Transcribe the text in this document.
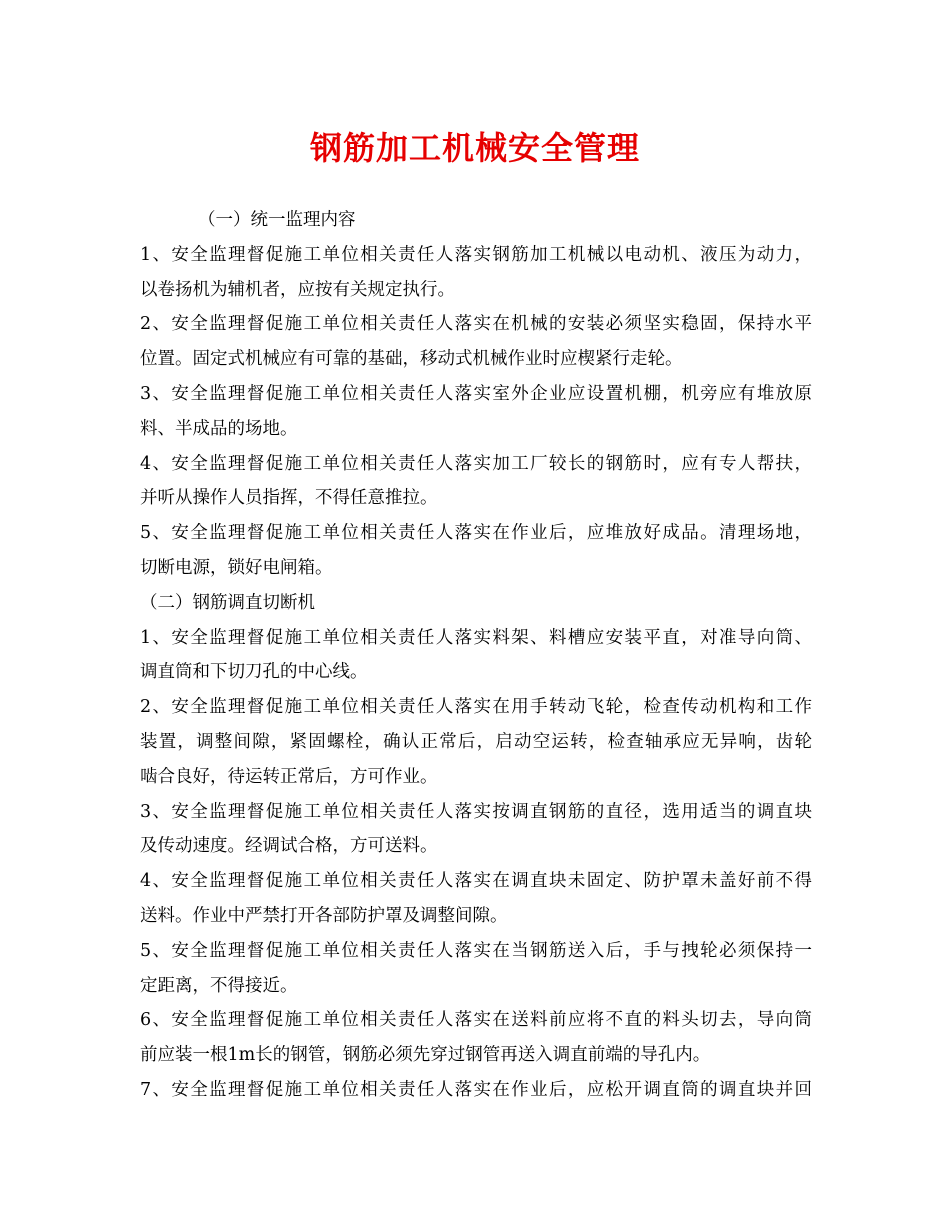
钢筋加工机械安全管理
（一）统一监理内容
1、安全监理督促施工单位相关责任人落实钢筋加工机械以电动机、液压为动力，
以卷扬机为辅机者，应按有关规定执行。
2、安全监理督促施工单位相关责任人落实在机械的安装必须坚实稳固，保持水平
位置。固定式机械应有可靠的基础，移动式机械作业时应楔紧行走轮。
3、安全监理督促施工单位相关责任人落实室外企业应设置机棚，机旁应有堆放原
料、半成品的场地。
4、安全监理督促施工单位相关责任人落实加工厂较长的钢筋时，应有专人帮扶，
并听从操作人员指挥，不得任意推拉。
5、安全监理督促施工单位相关责任人落实在作业后，应堆放好成品。清理场地，
切断电源，锁好电闸箱。
（二）钢筋调直切断机
1、安全监理督促施工单位相关责任人落实料架、料槽应安装平直，对准导向筒、
调直筒和下切刀孔的中心线。
2、安全监理督促施工单位相关责任人落实在用手转动飞轮，检查传动机构和工作
装置，调整间隙，紧固螺栓，确认正常后，启动空运转，检查轴承应无异响，齿轮
啮合良好，待运转正常后，方可作业。
3、安全监理督促施工单位相关责任人落实按调直钢筋的直径，选用适当的调直块
及传动速度。经调试合格，方可送料。
4、安全监理督促施工单位相关责任人落实在调直块未固定、防护罩未盖好前不得
送料。作业中严禁打开各部防护罩及调整间隙。
5、安全监理督促施工单位相关责任人落实在当钢筋送入后，手与拽轮必须保持一
定距离，不得接近。
6、安全监理督促施工单位相关责任人落实在送料前应将不直的料头切去，导向筒
前应装一根1m长的钢管，钢筋必须先穿过钢管再送入调直前端的导孔内。
7、安全监理督促施工单位相关责任人落实在作业后，应松开调直筒的调直块并回
